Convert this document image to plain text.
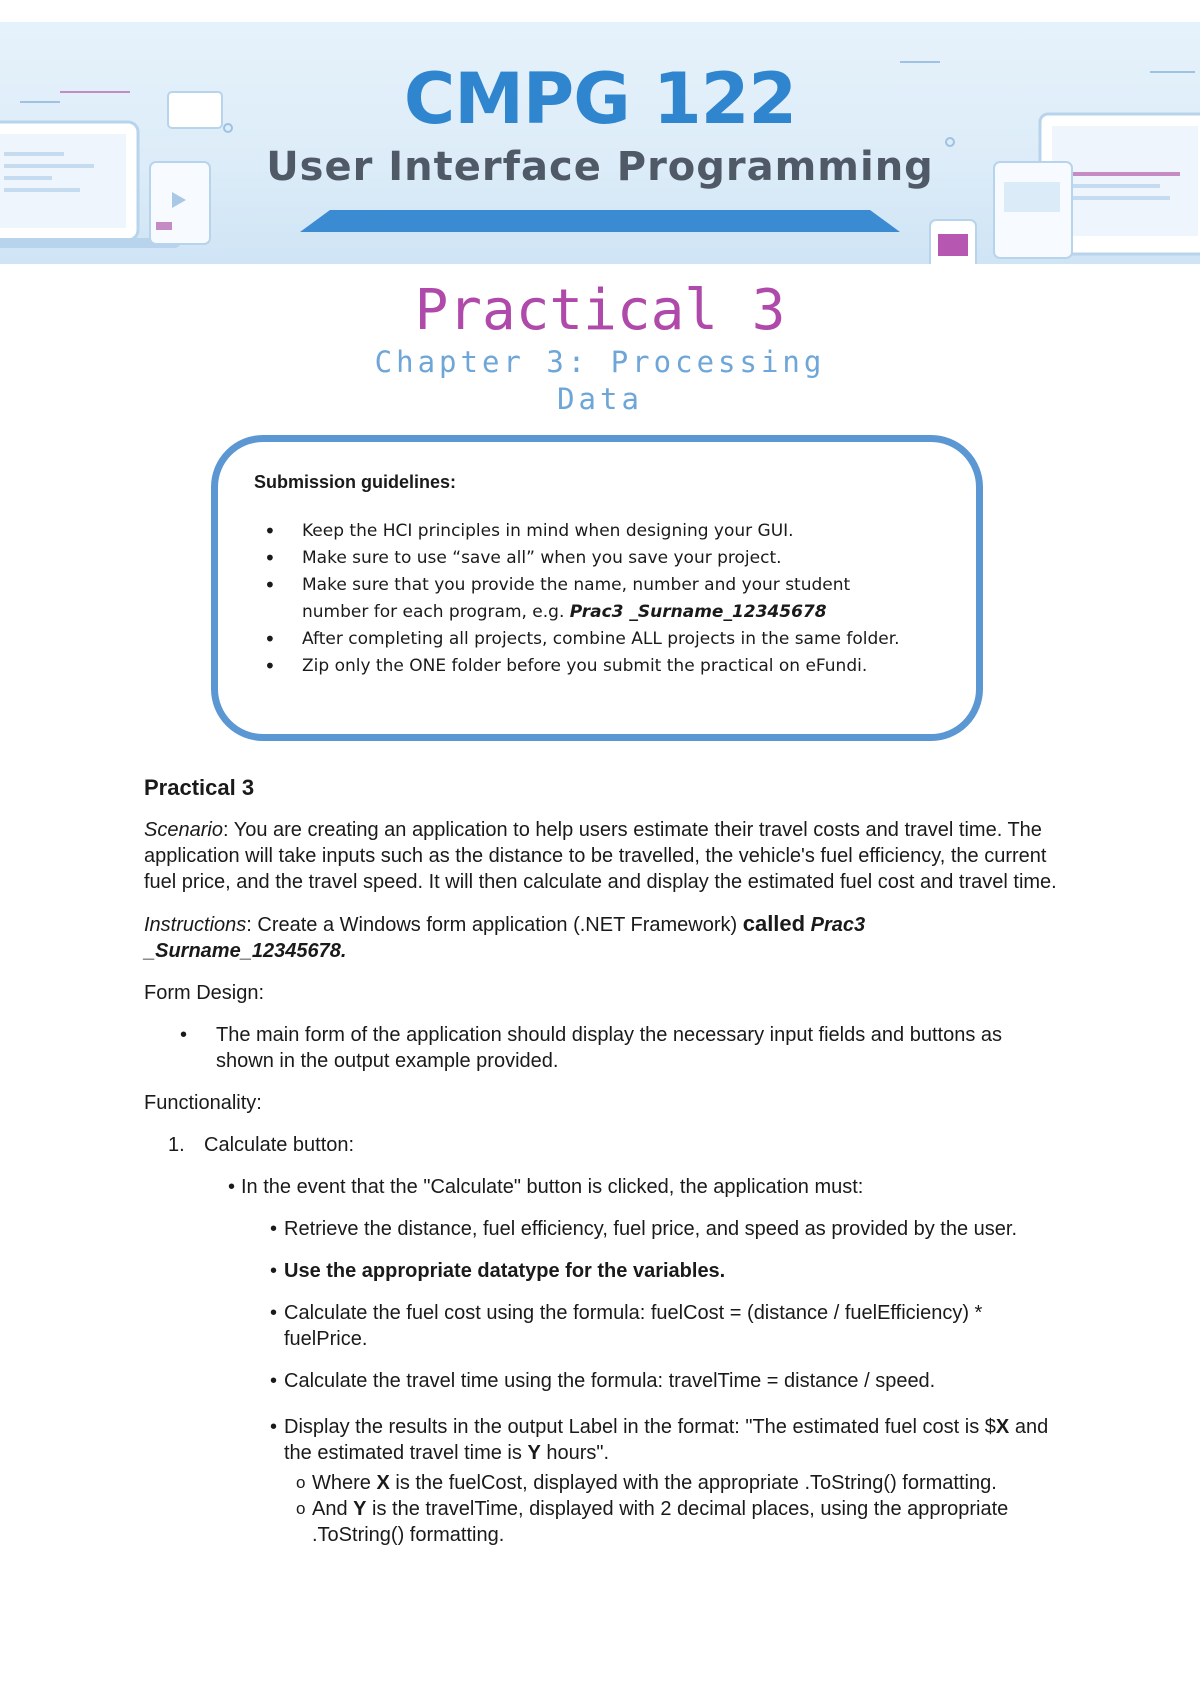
CMPG 122
User Interface Programming
Practical 3
Chapter 3: Processing
Data
Submission guidelines:
• Keep the HCI principles in mind when designing your GUI.
• Make sure to use “save all” when you save your project.
• Make sure that you provide the name, number and your student number for each program, e.g. Prac3 _Surname_12345678
• After completing all projects, combine ALL projects in the same folder.
• Zip only the ONE folder before you submit the practical on eFundi.

Practical 3

Scenario: You are creating an application to help users estimate their travel costs and travel time. The application will take inputs such as the distance to be travelled, the vehicle's fuel efficiency, the current fuel price, and the travel speed. It will then calculate and display the estimated fuel cost and travel time.

Instructions: Create a Windows form application (.NET Framework) called Prac3 _Surname_12345678.

Form Design:

• The main form of the application should display the necessary input fields and buttons as shown in the output example provided.

Functionality:

1. Calculate button:

• In the event that the "Calculate" button is clicked, the application must:

• Retrieve the distance, fuel efficiency, fuel price, and speed as provided by the user.

• Use the appropriate datatype for the variables.

• Calculate the fuel cost using the formula: fuelCost = (distance / fuelEfficiency) * fuelPrice.

• Calculate the travel time using the formula: travelTime = distance / speed.

• Display the results in the output Label in the format: "The estimated fuel cost is $X and the estimated travel time is Y hours".

o Where X is the fuelCost, displayed with the appropriate .ToString() formatting.

o And Y is the travelTime, displayed with 2 decimal places, using the appropriate .ToString() formatting.
